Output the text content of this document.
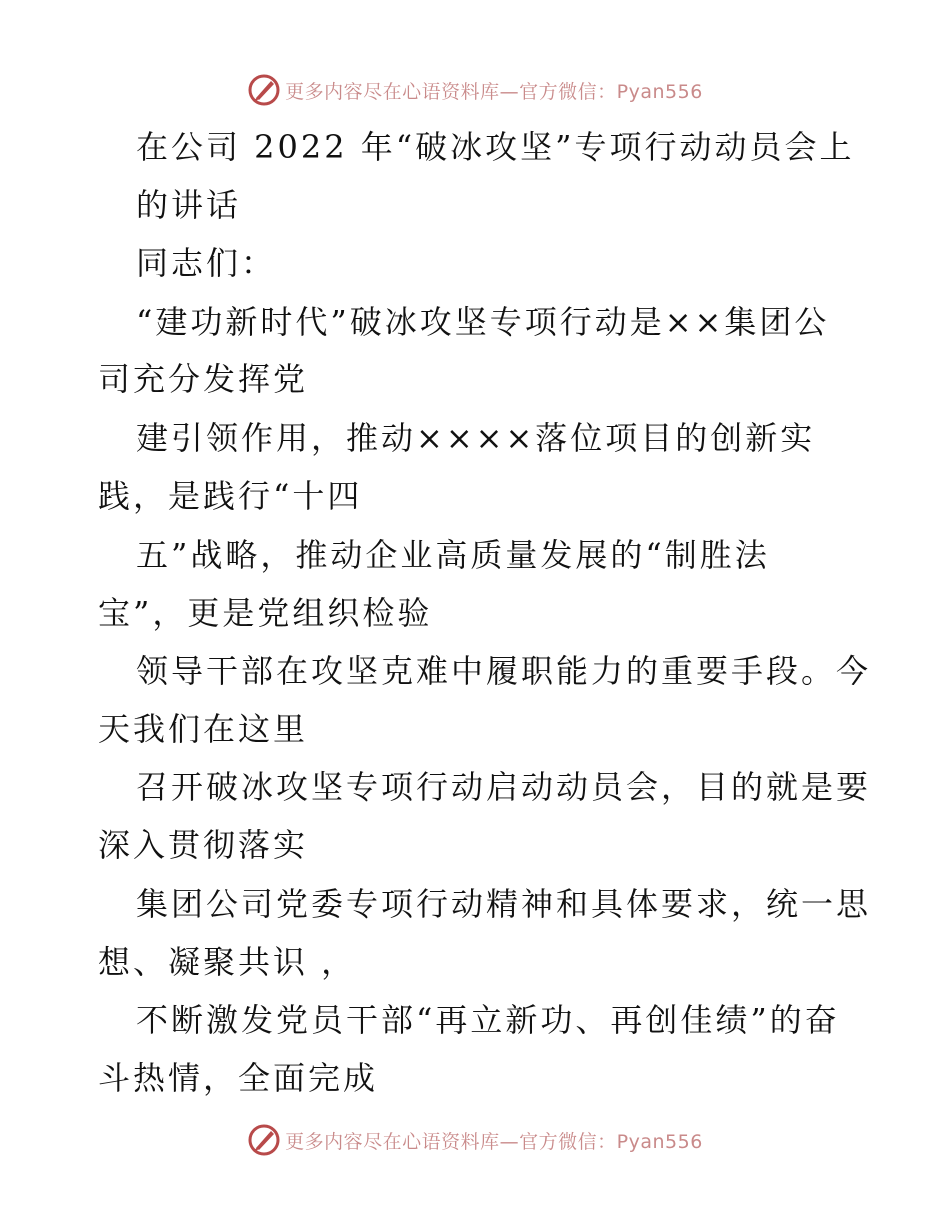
更多内容尽在心语资料库—官方微信：Pyan556
在公司 2022 年“破冰攻坚”专项行动动员会上
的讲话
同志们：
“建功新时代”破冰攻坚专项行动是××集团公
司充分发挥党
建引领作用，推动××××落位项目的创新实
践，是践行“十四
五”战略，推动企业高质量发展的“制胜法
宝”，更是党组织检验
领导干部在攻坚克难中履职能力的重要手段。今
天我们在这里
召开破冰攻坚专项行动启动动员会，目的就是要
深入贯彻落实
集团公司党委专项行动精神和具体要求，统一思
想、凝聚共识 ，
不断激发党员干部“再立新功、再创佳绩”的奋
斗热情，全面完成
更多内容尽在心语资料库—官方微信：Pyan556
